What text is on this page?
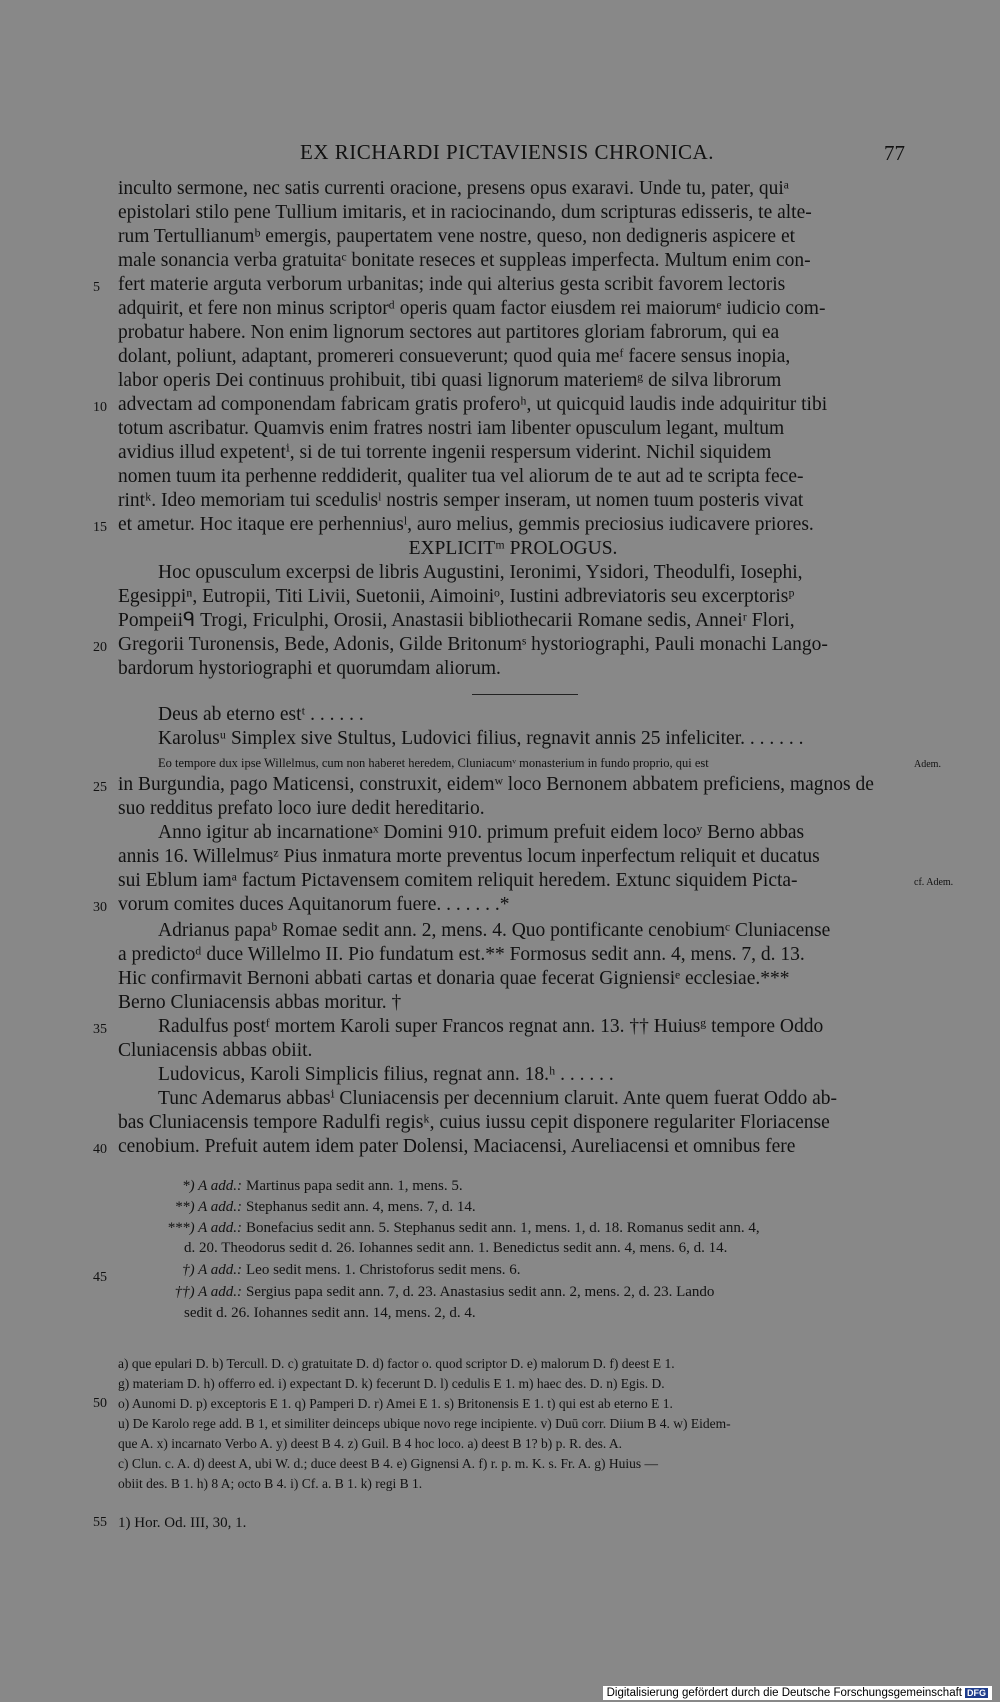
EX RICHARDI PICTAVIENSIS CHRONICA.	77
inculto sermone, nec satis currenti oracione, presens opus exaravi. Unde tu, pater, quiᵃ
epistolari stilo pene Tullium imitaris, et in raciocinando, dum scripturas edisseris, te alte-
rum Tertullianumᵇ emergis, paupertatem vene nostre, queso, non dedigneris aspicere et
male sonancia verba gratuitaᶜ bonitate reseces et suppleas imperfecta. Multum enim con-
fert materie arguta verborum urbanitas; inde qui alterius gesta scribit favorem lectoris
adquirit, et fere non minus scriptorᵈ operis quam factor eiusdem rei maiorumᵉ iudicio com-
probatur habere. Non enim lignorum sectores aut partitores gloriam fabrorum, qui ea
dolant, poliunt, adaptant, promereri consueverunt; quod quia meᶠ facere sensus inopia,
labor operis Dei continuus prohibuit, tibi quasi lignorum materiemᵍ de silva librorum
advectam ad componendam fabricam gratis proferoʰ, ut quicquid laudis inde adquiritur tibi
totum ascribatur. Quamvis enim fratres nostri iam libenter opusculum legant, multum
avidius illud expetentⁱ, si de tui torrente ingenii respersum viderint. Nichil siquidem
nomen tuum ita perhenne reddiderit, qualiter tua vel aliorum de te aut ad te scripta fece-
rintᵏ. Ideo memoriam tui scedulisˡ nostris semper inseram, ut nomen tuum posteris vivat
et ametur. Hoc itaque ere perhenniusˡ, auro melius, gemmis preciosius iudicavere priores.
EXPLICITᵐ PROLOGUS.
Hoc opusculum excerpsi de libris Augustini, Ieronimi, Ysidori, Theodulfi, Iosephi,
Egesippiⁿ, Eutropii, Titi Livii, Suetonii, Aimoiniᵒ, Iustini adbreviatoris seu excerptorisᵖ
Pompeiiᑫ Trogi, Friculphi, Orosii, Anastasii bibliothecarii Romane sedis, Anneiʳ Flori,
Gregorii Turonensis, Bede, Adonis, Gilde Britonumˢ hystoriographi, Pauli monachi Lango-
bardorum hystoriographi et quorumdam aliorum.
Deus ab eterno estᵗ . . . . . .
Karolusᵘ Simplex sive Stultus, Ludovici filius, regnavit annis 25 infeliciter. . . . . . .
Eo tempore dux ipse Willelmus, cum non haberet heredem, Cluniacumᵛ monasterium in fundo proprio, qui est
in Burgundia, pago Maticensi, construxit, eidemʷ loco Bernonem abbatem preficiens, magnos de
suo redditus prefato loco iure dedit hereditario.
Anno igitur ab incarnationeˣ Domini 910. primum prefuit eidem locoʸ Berno abbas
annis 16. Willelmusᶻ Pius inmatura morte preventus locum inperfectum reliquit et ducatus
sui Eblum iamᵃ factum Pictavensem comitem reliquit heredem. Extunc siquidem Picta-
vorum comites duces Aquitanorum fuere. . . . . . .*
Adrianus papaᵇ Romae sedit ann. 2, mens. 4. Quo pontificante cenobiumᶜ Cluniacense
a predictoᵈ duce Willelmo II. Pio fundatum est.** Formosus sedit ann. 4, mens. 7, d. 13.
Hic confirmavit Bernoni abbati cartas et donaria quae fecerat Gigniensiᵉ ecclesiae.***
Berno Cluniacensis abbas moritur. †
Radulfus postᶠ mortem Karoli super Francos regnat ann. 13. †† Huiusᵍ tempore Oddo
Cluniacensis abbas obiit.
Ludovicus, Karoli Simplicis filius, regnat ann. 18.ʰ . . . . . .
Tunc Ademarus abbasⁱ Cluniacensis per decennium claruit. Ante quem fuerat Oddo ab-
bas Cluniacensis tempore Radulfi regisᵏ, cuius iussu cepit disponere regulariter Floriacense
cenobium. Prefuit autem idem pater Dolensi, Maciacensi, Aureliacensi et omnibus fere
5
10
15
20
25
30
35
40
45
50
55
Adem.
cf. Adem.
*) A add.: Martinus papa sedit ann. 1, mens. 5.
**) A add.: Stephanus sedit ann. 4, mens. 7, d. 14.
***) A add.: Bonefacius sedit ann. 5. Stephanus sedit ann. 1, mens. 1, d. 18. Romanus sedit ann. 4,
d. 20. Theodorus sedit d. 26. Iohannes sedit ann. 1. Benedictus sedit ann. 4, mens. 6, d. 14.
†) A add.: Leo sedit mens. 1. Christoforus sedit mens. 6.
††) A add.: Sergius papa sedit ann. 7, d. 23. Anastasius sedit ann. 2, mens. 2, d. 23. Lando
sedit d. 26. Iohannes sedit ann. 14, mens. 2, d. 4.
a) que epulari D. b) Tercull. D. c) gratuitate D. d) factor o. quod scriptor D. e) malorum D. f) deest E 1.
g) materiam D. h) offerro ed. i) expectant D. k) fecerunt D. l) cedulis E 1. m) haec des. D. n) Egis. D.
o) Aunomi D. p) exceptoris E 1. q) Pamperi D. r) Amei E 1. s) Britonensis E 1. t) qui est ab eterno E 1.
u) De Karolo rege add. B 1, et similiter deinceps ubique novo rege incipiente. v) Duū corr. Diium B 4. w) Eidem-
que A. x) incarnato Verbo A. y) deest B 4. z) Guil. B 4 hoc loco. a) deest B 1? b) p. R. des. A.
c) Clun. c. A. d) deest A, ubi W. d.; duce deest B 4. e) Gignensi A. f) r. p. m. K. s. Fr. A. g) Huius —
obiit des. B 1. h) 8 A; octo B 4. i) Cf. a. B 1. k) regi B 1.
1) Hor. Od. III, 30, 1.
Digitalisierung gefördert durch die Deutsche Forschungsgemeinschaft DFG
